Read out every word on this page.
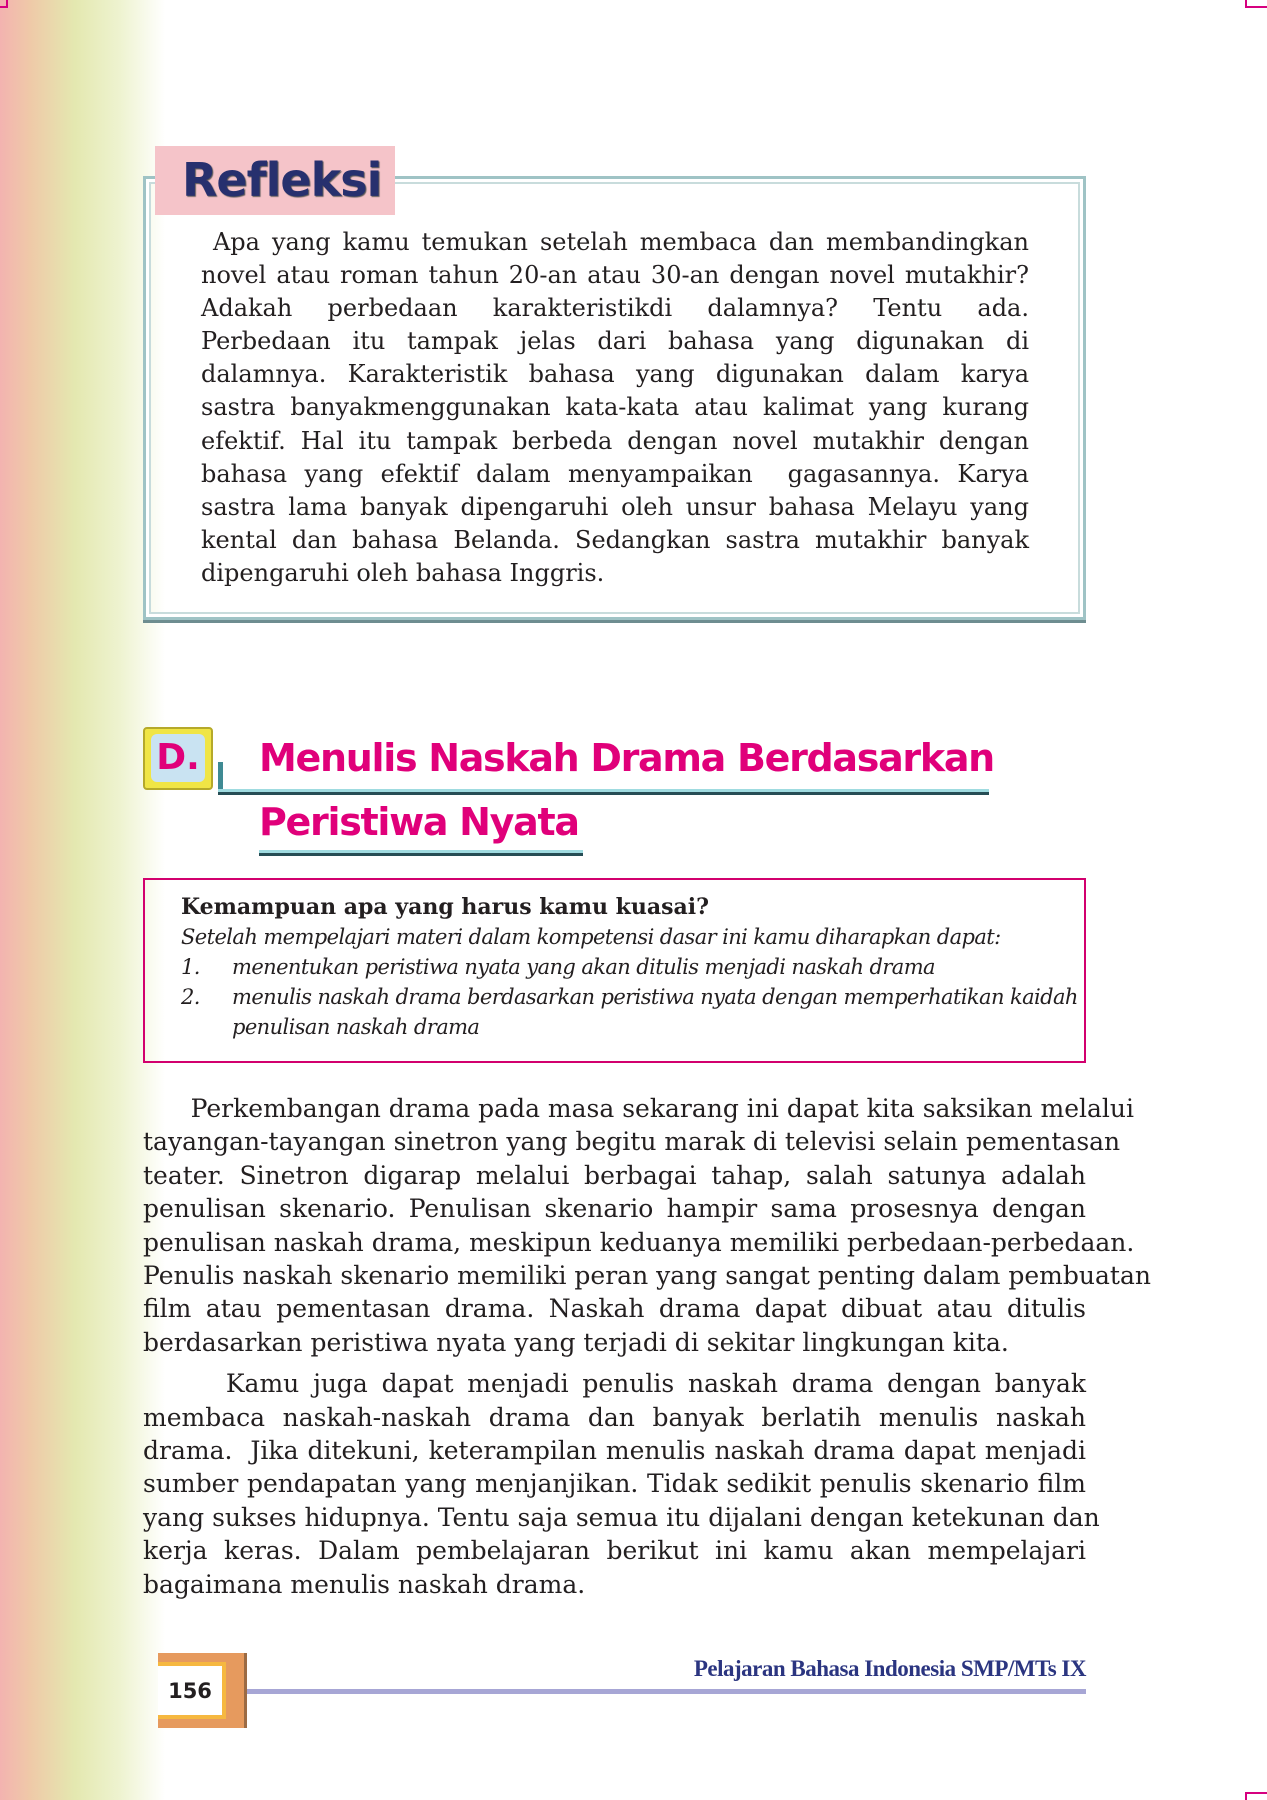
Refleksi
Apa yang kamu temukan setelah membaca dan membandingkan
novel atau roman tahun 20-an atau 30-an dengan novel mutakhir?
Adakah perbedaan karakteristikdi dalamnya? Tentu ada.
Perbedaan itu tampak jelas dari bahasa yang digunakan di
dalamnya. Karakteristik bahasa yang digunakan dalam karya
sastra banyakmenggunakan kata-kata atau kalimat yang kurang
efektif. Hal itu tampak berbeda dengan novel mutakhir dengan
bahasa yang efektif dalam menyampaikan  gagasannya. Karya
sastra lama banyak dipengaruhi oleh unsur bahasa Melayu yang
kental dan bahasa Belanda. Sedangkan sastra mutakhir banyak
dipengaruhi oleh bahasa Inggris.
D. Menulis Naskah Drama Berdasarkan
Peristiwa Nyata
Kemampuan apa yang harus kamu kuasai?
Setelah mempelajari materi dalam kompetensi dasar ini kamu diharapkan dapat:
1.	menentukan peristiwa nyata yang akan ditulis menjadi naskah drama
2.	menulis naskah drama berdasarkan peristiwa nyata dengan memperhatikan kaidah
penulisan naskah drama
Perkembangan drama pada masa sekarang ini dapat kita saksikan melalui
tayangan-tayangan sinetron yang begitu marak di televisi selain pementasan
teater. Sinetron digarap melalui berbagai tahap, salah satunya adalah
penulisan skenario. Penulisan skenario hampir sama prosesnya dengan
penulisan naskah drama, meskipun keduanya memiliki perbedaan-perbedaan.
Penulis naskah skenario memiliki peran yang sangat penting dalam pembuatan
film atau pementasan drama. Naskah drama dapat dibuat atau ditulis
berdasarkan peristiwa nyata yang terjadi di sekitar lingkungan kita.
Kamu juga dapat menjadi penulis naskah drama dengan banyak
membaca naskah-naskah drama dan banyak berlatih menulis naskah
drama.  Jika ditekuni, keterampilan menulis naskah drama dapat menjadi
sumber pendapatan yang menjanjikan. Tidak sedikit penulis skenario film
yang sukses hidupnya. Tentu saja semua itu dijalani dengan ketekunan dan
kerja keras. Dalam pembelajaran berikut ini kamu akan mempelajari
bagaimana menulis naskah drama.
156
Pelajaran Bahasa Indonesia SMP/MTs IX
